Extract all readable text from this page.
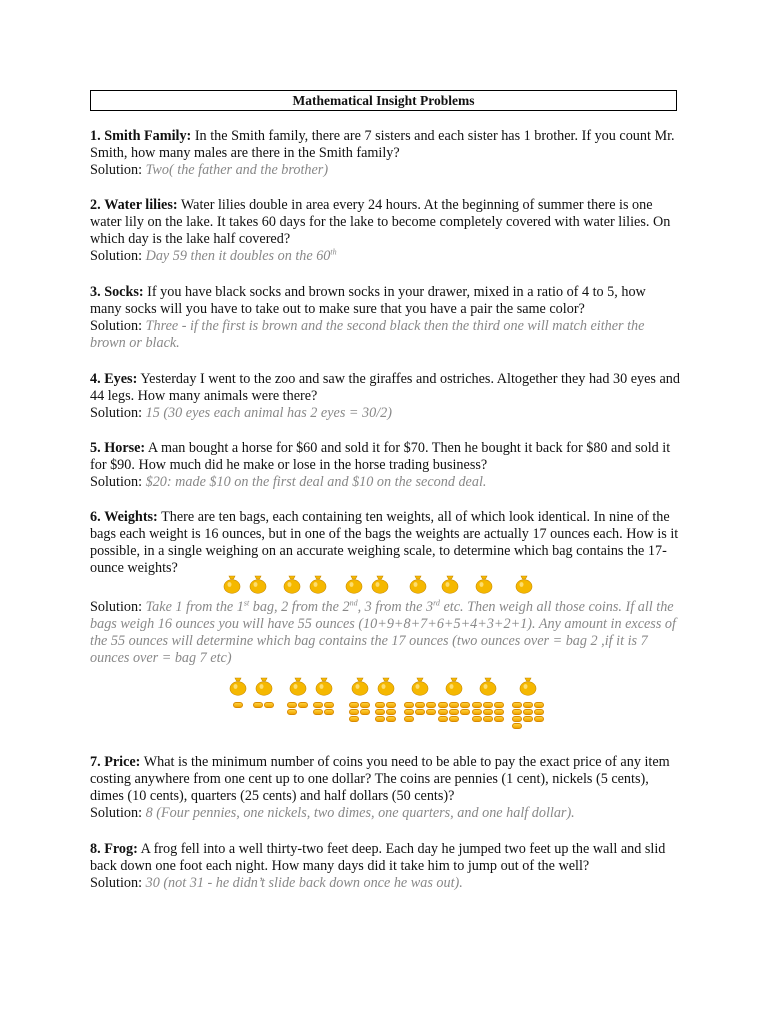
Mathematical Insight Problems

1. Smith Family: In the Smith family, there are 7 sisters and each sister has 1 brother. If you count Mr. Smith, how many males are there in the Smith family?

Solution: Two( the father and the brother)

2. Water lilies: Water lilies double in area every 24 hours. At the beginning of summer there is one water lily on the lake. It takes 60 days for the lake to become completely covered with water lilies. On which day is the lake half covered?

Solution: Day 59 then it doubles on the 60th

3. Socks: If you have black socks and brown socks in your drawer, mixed in a ratio of 4 to 5, how many socks will you have to take out to make sure that you have a pair the same color?

Solution: Three - if the first is brown and the second black then the third one will match either the brown or black.

4. Eyes: Yesterday I went to the zoo and saw the giraffes and ostriches. Altogether they had 30 eyes and 44 legs. How many animals were there?

Solution: 15 (30 eyes each animal has 2 eyes = 30/2)

5. Horse: A man bought a horse for $60 and sold it for $70. Then he bought it back for $80 and sold it for $90. How much did he make or lose in the horse trading business?

Solution: $20: made $10 on the first deal and $10 on the second deal.

6. Weights: There are ten bags, each containing ten weights, all of which look identical. In nine of the bags each weight is 16 ounces, but in one of the bags the weights are actually 17 ounces each. How is it possible, in a single weighing on an accurate weighing scale, to determine which bag contains the 17-ounce weights?

Solution: Take 1 from the 1st bag, 2 from the 2nd, 3 from the 3rd etc. Then weigh all those coins. If all the bags weigh 16 ounces you will have 55 ounces (10+9+8+7+6+5+4+3+2+1). Any amount in excess of the 55 ounces will determine which bag contains the 17 ounces (two ounces over = bag 2 ,if it is 7 ounces over = bag 7 etc)

7. Price: What is the minimum number of coins you need to be able to pay the exact price of any item costing anywhere from one cent up to one dollar? The coins are pennies (1 cent), nickels (5 cents), dimes (10 cents), quarters (25 cents) and half dollars (50 cents)?

Solution: 8 (Four pennies, one nickels, two dimes, one quarters, and one half dollar).

8. Frog: A frog fell into a well thirty-two feet deep. Each day he jumped two feet up the wall and slid back down one foot each night. How many days did it take him to jump out of the well?

Solution: 30 (not 31 - he didn’t slide back down once he was out).
